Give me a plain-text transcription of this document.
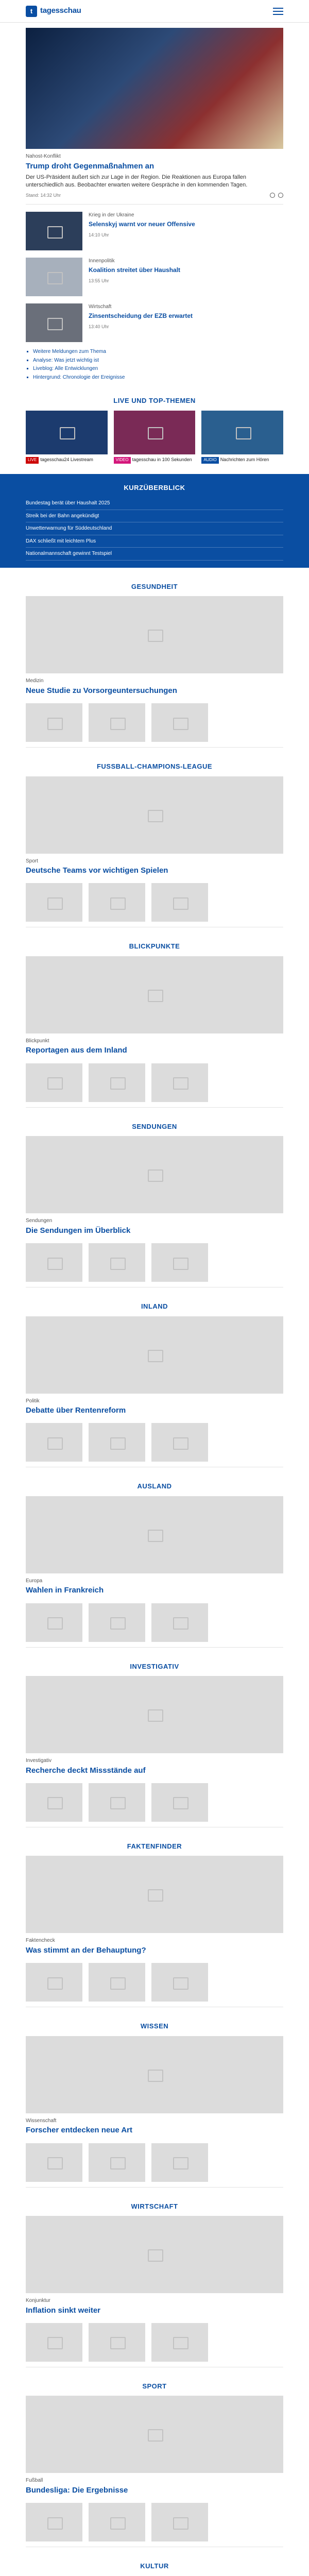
t tagesschau
Nahost-Konflikt
Trump droht Gegenmaßnahmen an
Der US-Präsident äußert sich zur Lage in der Region. Die Reaktionen aus Europa fallen unterschiedlich aus. Beobachter erwarten weitere Gespräche in den kommenden Tagen.
Stand: 14:32 Uhr
Krieg in der Ukraine
Selenskyj warnt vor neuer Offensive
14:10 Uhr
Innenpolitik
Koalition streitet über Haushalt
13:55 Uhr
Wirtschaft
Zinsentscheidung der EZB erwartet
13:40 Uhr
▪ Weitere Meldungen zum Thema
▪ Analyse: Was jetzt wichtig ist
▪ Liveblog: Alle Entwicklungen
▪ Hintergrund: Chronologie der Ereignisse
LIVE UND TOP-THEMEN
LIVE tagesschau24 Livestream	VIDEO tagesschau in 100 Sekunden	AUDIO Nachrichten zum Hören
KURZÜBERBLICK
Bundestag berät über Haushalt 2025
Streik bei der Bahn angekündigt
Unwetterwarnung für Süddeutschland
DAX schließt mit leichtem Plus
Nationalmannschaft gewinnt Testspiel
GESUNDHEIT
Medizin
Neue Studie zu Vorsorgeuntersuchungen
FUSSBALL-CHAMPIONS-LEAGUE
Sport
Deutsche Teams vor wichtigen Spielen
BLICKPUNKTE
Blickpunkt
Reportagen aus dem Inland
SENDUNGEN
Sendungen
Die Sendungen im Überblick
INLAND
Politik
Debatte über Rentenreform
AUSLAND
Europa
Wahlen in Frankreich
INVESTIGATIV
Investigativ
Recherche deckt Missstände auf
FAKTENFINDER
Faktencheck
Was stimmt an der Behauptung?
WISSEN
Wissenschaft
Forscher entdecken neue Art
WIRTSCHAFT
Konjunktur
Inflation sinkt weiter
SPORT
Fußball
Bundesliga: Die Ergebnisse
KULTUR
